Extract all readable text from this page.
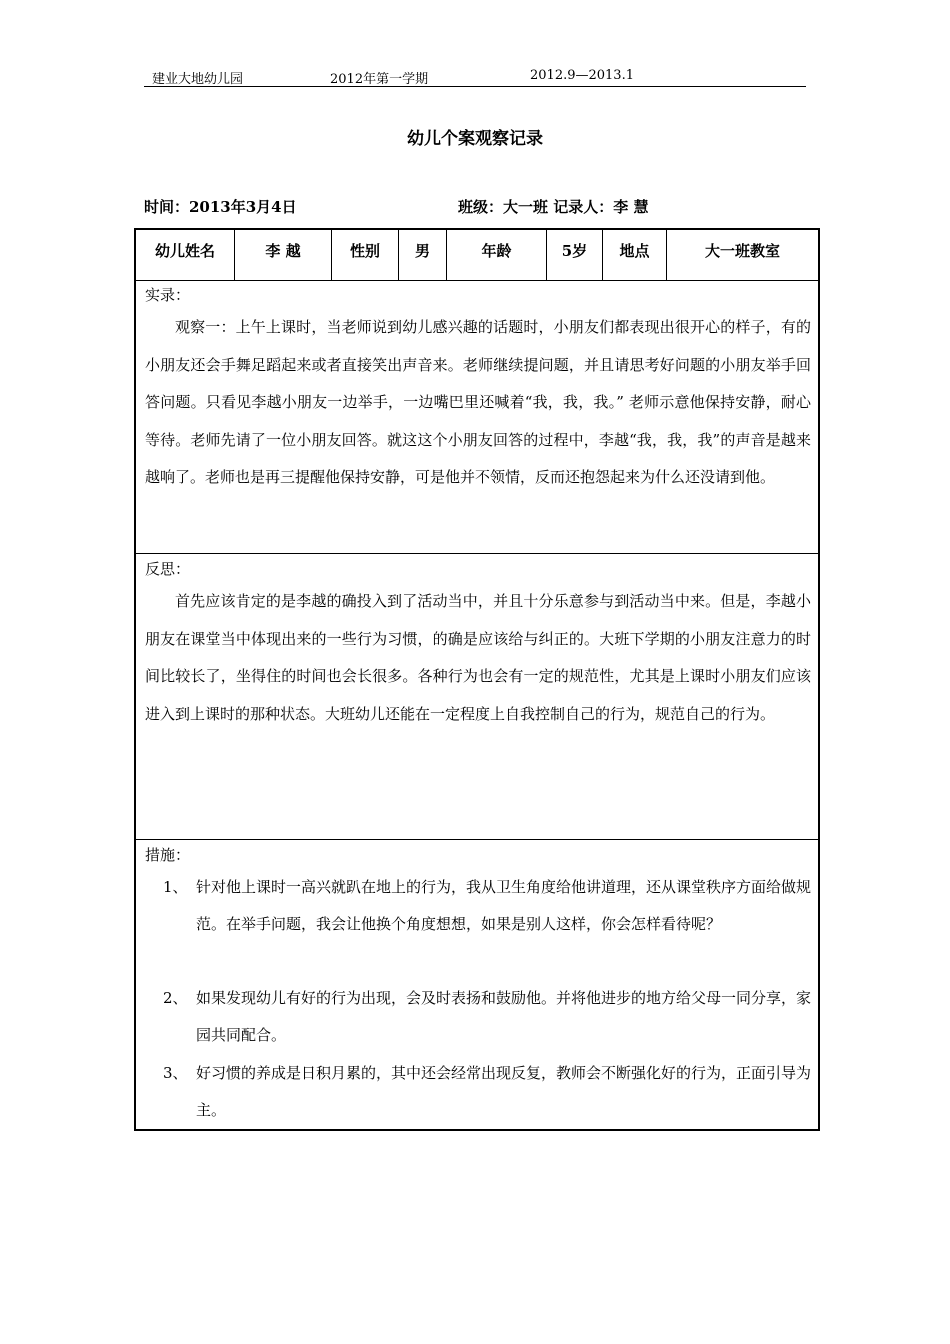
建业大地幼儿园	2012年第一学期	2012.9—2013.1
幼儿个案观察记录
时间：2013年3月4日	班级：大一班 记录人：李 慧
幼儿姓名	李 越	性别	男	年龄	5岁	地点	大一班教室
实录：
观察一：上午上课时，当老师说到幼儿感兴趣的话题时，小朋友们都表现出很开心的样子，有的小朋友还会手舞足蹈起来或者直接笑出声音来。老师继续提问题，并且请思考好问题的小朋友举手回答问题。只看见李越小朋友一边举手，一边嘴巴里还喊着“我，我，我。” 老师示意他保持安静，耐心等待。老师先请了一位小朋友回答。就这这个小朋友回答的过程中，李越“我，我，我”的声音是越来越响了。老师也是再三提醒他保持安静，可是他并不领情，反而还抱怨起来为什么还没请到他。
反思：
首先应该肯定的是李越的确投入到了活动当中，并且十分乐意参与到活动当中来。但是，李越小朋友在课堂当中体现出来的一些行为习惯，的确是应该给与纠正的。大班下学期的小朋友注意力的时间比较长了，坐得住的时间也会长很多。各种行为也会有一定的规范性，尤其是上课时小朋友们应该进入到上课时的那种状态。大班幼儿还能在一定程度上自我控制自己的行为，规范自己的行为。
措施：
1、 针对他上课时一高兴就趴在地上的行为，我从卫生角度给他讲道理，还从课堂秩序方面给做规范。在举手问题，我会让他换个角度想想，如果是别人这样，你会怎样看待呢？
2、 如果发现幼儿有好的行为出现，会及时表扬和鼓励他。并将他进步的地方给父母一同分享，家园共同配合。
3、 好习惯的养成是日积月累的，其中还会经常出现反复，教师会不断强化好的行为，正面引导为主。
